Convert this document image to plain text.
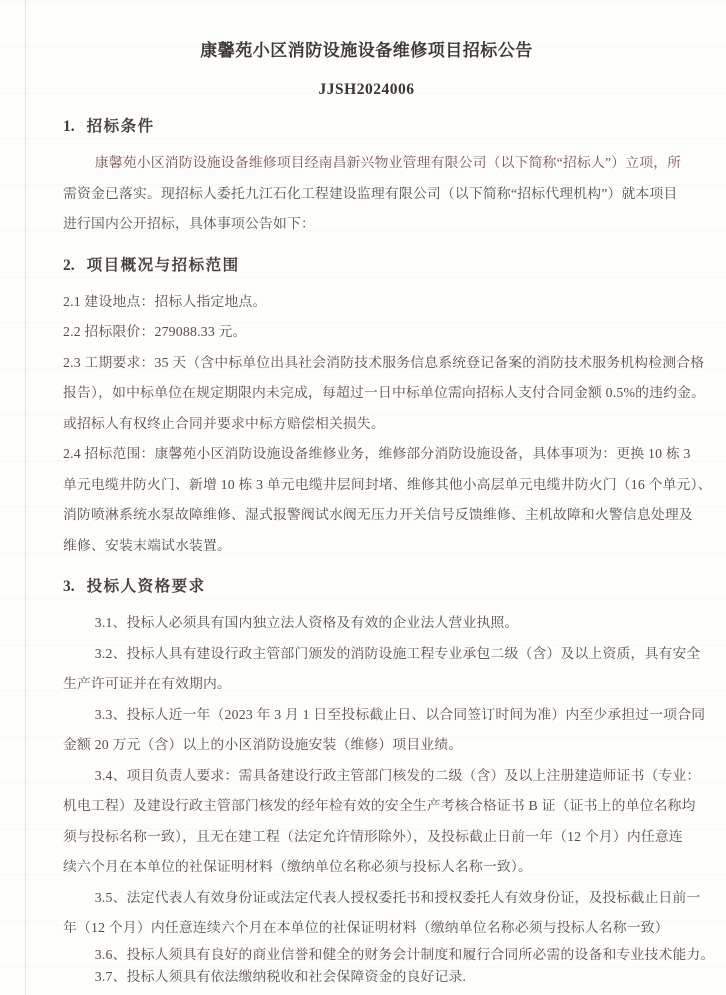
康馨苑小区消防设施设备维修项目招标公告
JJSH2024006
1. 招标条件
康馨苑小区消防设施设备维修项目经南昌新兴物业管理有限公司（以下简称“招标人”）立项，所
需资金已落实。现招标人委托九江石化工程建设监理有限公司（以下简称“招标代理机构”）就本项目
进行国内公开招标，具体事项公告如下：
2. 项目概况与招标范围
2.1 建设地点：招标人指定地点。
2.2 招标限价：279088.33 元。
2.3 工期要求：35 天（含中标单位出具社会消防技术服务信息系统登记备案的消防技术服务机构检测合格
报告），如中标单位在规定期限内未完成，每超过一日中标单位需向招标人支付合同金额 0.5%的违约金。
或招标人有权终止合同并要求中标方赔偿相关损失。
2.4 招标范围：康馨苑小区消防设施设备维修业务，维修部分消防设施设备，具体事项为：更换 10 栋 3
单元电缆井防火门、新增 10 栋 3 单元电缆井层间封堵、维修其他小高层单元电缆井防火门（16 个单元）、
消防喷淋系统水泵故障维修、湿式报警阀试水阀无压力开关信号反馈维修、主机故障和火警信息处理及
维修、安装末端试水装置。
3. 投标人资格要求
3.1、投标人必须具有国内独立法人资格及有效的企业法人营业执照。
3.2、投标人具有建设行政主管部门颁发的消防设施工程专业承包二级（含）及以上资质，具有安全
生产许可证并在有效期内。
3.3、投标人近一年（2023 年 3 月 1 日至投标截止日、以合同签订时间为准）内至少承担过一项合同
金额 20 万元（含）以上的小区消防设施安装（维修）项目业绩。
3.4、项目负责人要求：需具备建设行政主管部门核发的二级（含）及以上注册建造师证书（专业：
机电工程）及建设行政主管部门核发的经年检有效的安全生产考核合格证书 B 证（证书上的单位名称均
须与投标名称一致），且无在建工程（法定允许情形除外），及投标截止日前一年（12 个月）内任意连
续六个月在本单位的社保证明材料（缴纳单位名称必须与投标人名称一致）。
3.5、法定代表人有效身份证或法定代表人授权委托书和授权委托人有效身份证，及投标截止日前一
年（12 个月）内任意连续六个月在本单位的社保证明材料（缴纳单位名称必须与投标人名称一致）
3.6、投标人须具有良好的商业信誉和健全的财务会计制度和履行合同所必需的设备和专业技术能力。
3.7、投标人须具有依法缴纳税收和社会保障资金的良好记录.
